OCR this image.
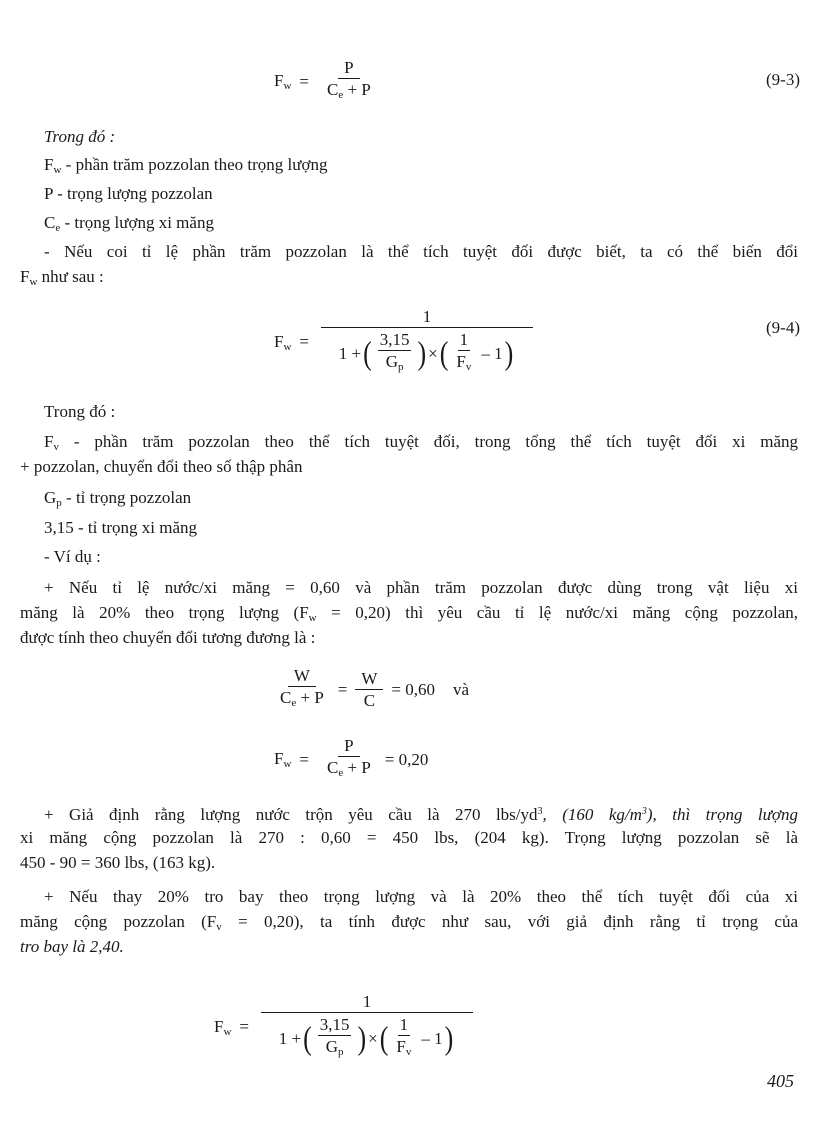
$F_w = \frac{P}{C_e + P}$	(9-3)
Trong đó :
$F_w$ - phần trăm pozzolan theo trọng lượng
P - trọng lượng pozzolan
$C_e$ - trọng lượng xi măng
- Nếu coi tỉ lệ phần trăm pozzolan là thể tích tuyệt đối được biết, ta có thể biến đổi
$F_w$ như sau :
$F_w$ =
1
1 + ( $\frac{3,15}{G_p}$ ) × ( $\frac{1}{F_v} - 1$ )
(9-4)
Trong đó :
$F_v$ - phần trăm pozzolan theo thể tích tuyệt đối, trong tổng thể tích tuyệt đối xi măng
+ pozzolan, chuyển đổi theo số thập phân
$G_p$ - tỉ trọng pozzolan
3,15 - tỉ trọng xi măng
- Ví dụ :
+ Nếu tỉ lệ nước/xi măng = 0,60 và phần trăm pozzolan được dùng trong vật liệu xi
măng là 20% theo trọng lượng $(F_w = 0,20)$ thì yêu cầu tỉ lệ nước/xi măng cộng pozzolan,
được tính theo chuyển đổi tương đương là :
$\frac{W}{C_e + P} = \frac{W}{C} = 0,60$ và
$F_w = \frac{P}{C_e + P} = 0,20$
+ Giả định rằng lượng nước trộn yêu cầu là 270 lbs/$yd^3$, (160 $kg/m^3$), thì trọng lượng
xi măng cộng pozzolan là 270 : 0,60 = 450 lbs, (204 kg). Trọng lượng pozzolan sẽ là
450 - 90 = 360 lbs, (163 kg).
+ Nếu thay 20% tro bay theo trọng lượng và là 20% theo thể tích tuyệt đối của xi
măng cộng pozzolan $(F_v = 0,20)$, ta tính được như sau, với giả định rằng tỉ trọng của
tro bay là 2,40.
$F_w$ =
1
1 + ( $\frac{3,15}{G_p}$ ) × ( $\frac{1}{F_v} - 1$ )
405
